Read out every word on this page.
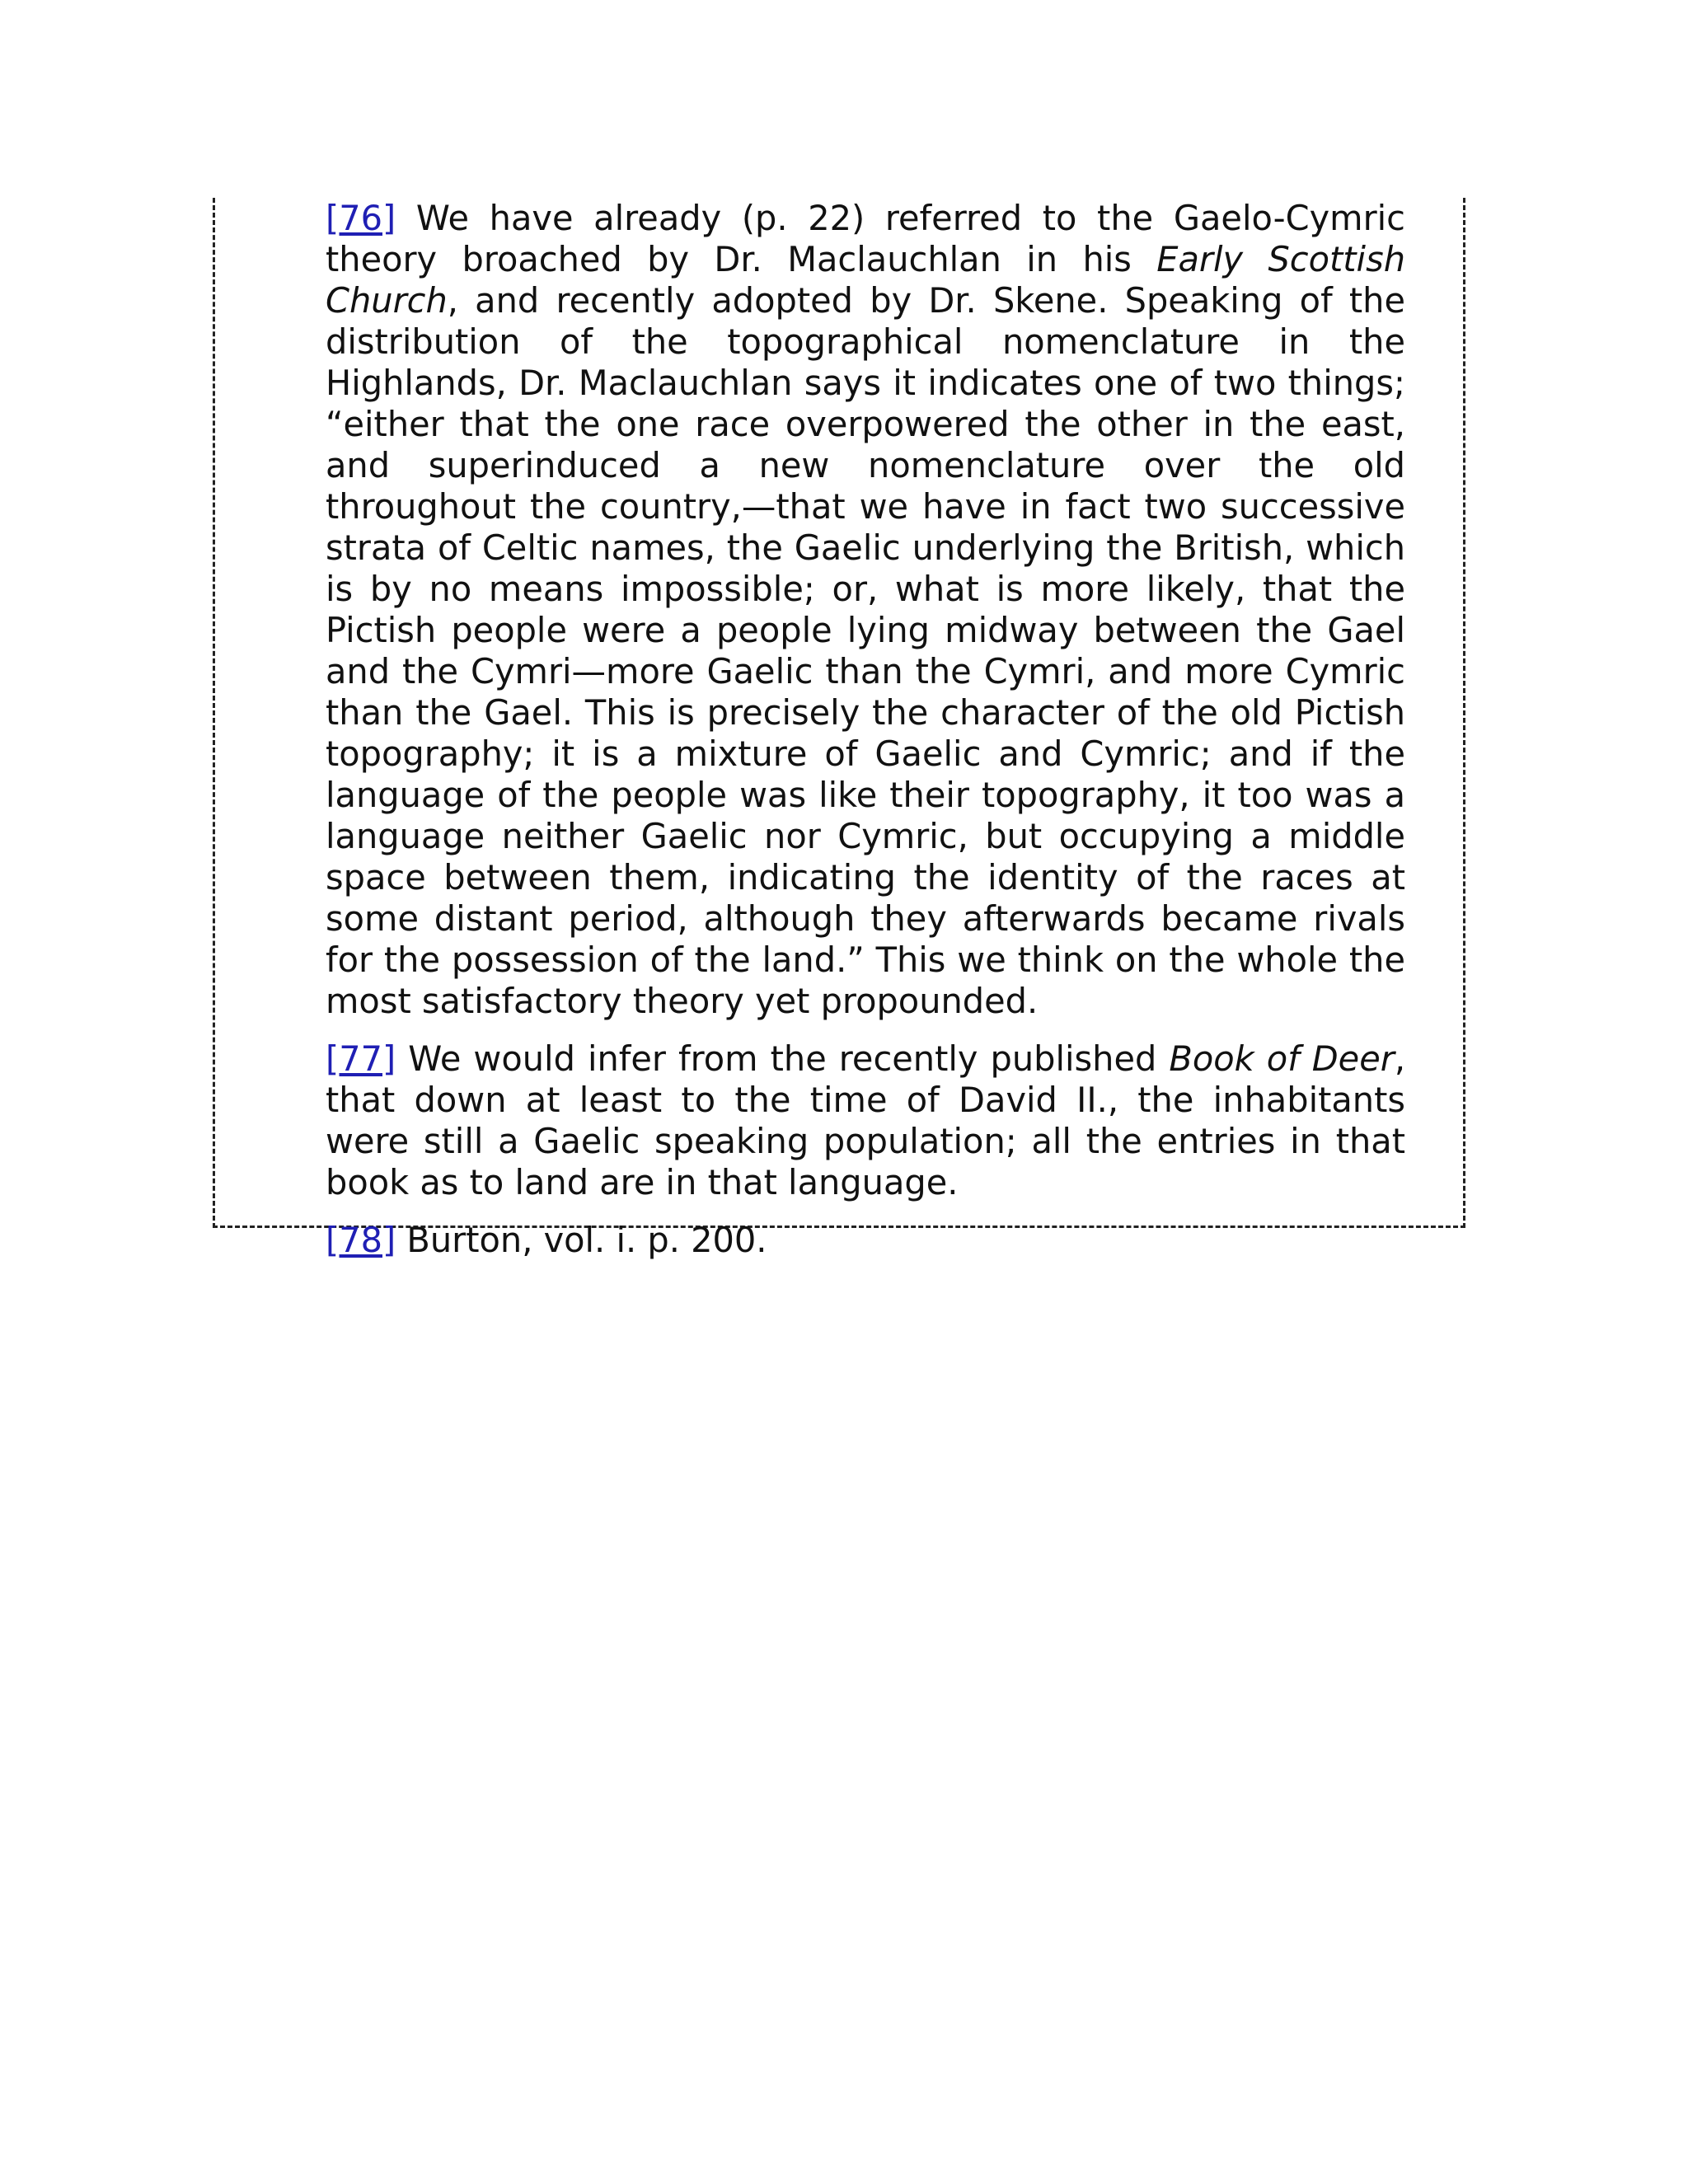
[76] We have already (p. 22) referred to the Gaelo-Cymric theory broached by Dr. Maclauchlan in his Early Scottish Church, and recently adopted by Dr. Skene. Speaking of the distribution of the topographical nomenclature in the Highlands, Dr. Maclauchlan says it indicates one of two things; “either that the one race overpowered the other in the east, and superinduced a new nomenclature over the old throughout the country,—that we have in fact two successive strata of Celtic names, the Gaelic underlying the British, which is by no means impossible; or, what is more likely, that the Pictish people were a people lying midway between the Gael and the Cymri—more Gaelic than the Cymri, and more Cymric than the Gael. This is precisely the character of the old Pictish topography; it is a mixture of Gaelic and Cymric; and if the language of the people was like their topography, it too was a language neither Gaelic nor Cymric, but occupying a middle space between them, indicating the identity of the races at some distant period, although they afterwards became rivals for the possession of the land.” This we think on the whole the most satisfactory theory yet propounded.

[77] We would infer from the recently published Book of Deer, that down at least to the time of David II., the inhabitants were still a Gaelic speaking population; all the entries in that book as to land are in that language.

[78] Burton, vol. i. p. 200.
